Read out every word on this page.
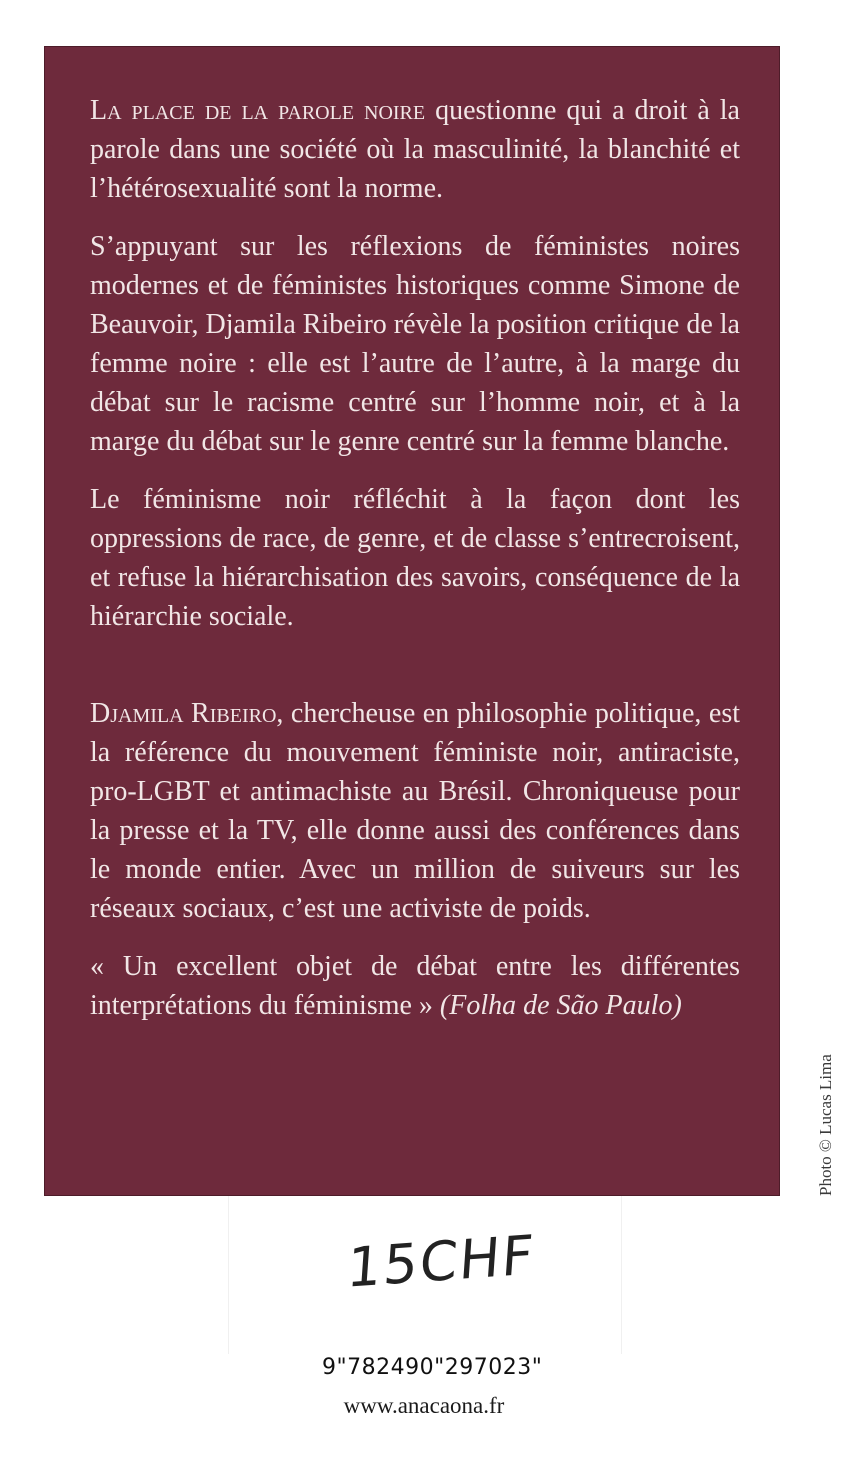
La place de la parole noire questionne qui a droit à la parole dans une société où la masculinité, la blanchité et l’hétérosexualité sont la norme.

S’appuyant sur les réflexions de féministes noires modernes et de féministes historiques comme Simone de Beauvoir, Djamila Ribeiro révèle la position critique de la femme noire : elle est l’autre de l’autre, à la marge du débat sur le racisme centré sur l’homme noir, et à la marge du débat sur le genre centré sur la femme blanche.

Le féminisme noir réfléchit à la façon dont les oppressions de race, de genre, et de classe s’entrecroisent, et refuse la hiérarchisation des savoirs, conséquence de la hiérarchie sociale.

Djamila Ribeiro, chercheuse en philosophie politique, est la référence du mouvement féministe noir, antiraciste, pro-LGBT et antimachiste au Brésil. Chroniqueuse pour la presse et la TV, elle donne aussi des conférences dans le monde entier. Avec un million de suiveurs sur les réseaux sociaux, c’est une activiste de poids.

« Un excellent objet de débat entre les différentes interprétations du féminisme » (Folha de São Paulo)

Photo © Lucas Lima
15CHF
9"782490"297023"
www.anacaona.fr
